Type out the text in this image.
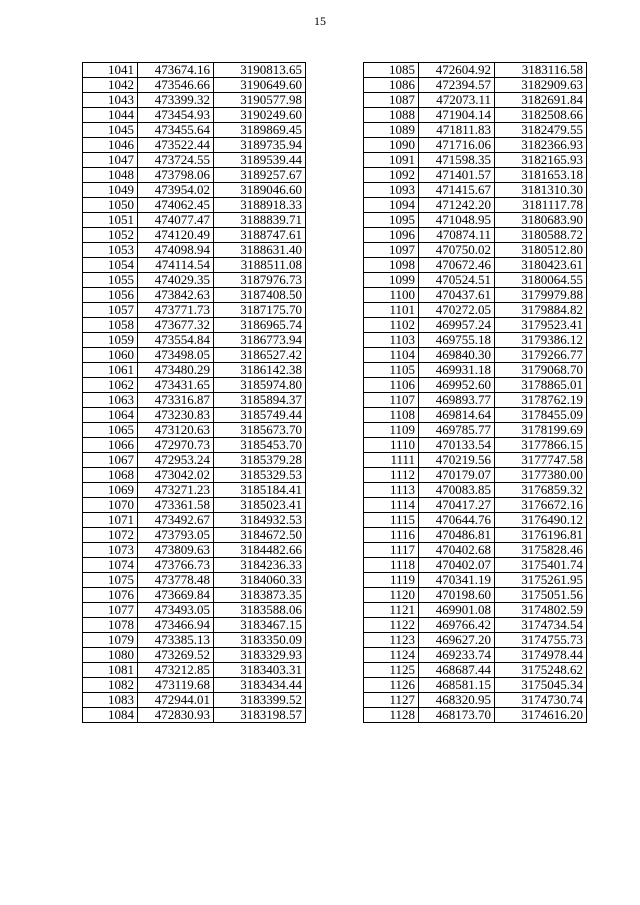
15
1041	473674.16	3190813.65
1042	473546.66	3190649.60
1043	473399.32	3190577.98
1044	473454.93	3190249.60
1045	473455.64	3189869.45
1046	473522.44	3189735.94
1047	473724.55	3189539.44
1048	473798.06	3189257.67
1049	473954.02	3189046.60
1050	474062.45	3188918.33
1051	474077.47	3188839.71
1052	474120.49	3188747.61
1053	474098.94	3188631.40
1054	474114.54	3188511.08
1055	474029.35	3187976.73
1056	473842.63	3187408.50
1057	473771.73	3187175.70
1058	473677.32	3186965.74
1059	473554.84	3186773.94
1060	473498.05	3186527.42
1061	473480.29	3186142.38
1062	473431.65	3185974.80
1063	473316.87	3185894.37
1064	473230.83	3185749.44
1065	473120.63	3185673.70
1066	472970.73	3185453.70
1067	472953.24	3185379.28
1068	473042.02	3185329.53
1069	473271.23	3185184.41
1070	473361.58	3185023.41
1071	473492.67	3184932.53
1072	473793.05	3184672.50
1073	473809.63	3184482.66
1074	473766.73	3184236.33
1075	473778.48	3184060.33
1076	473669.84	3183873.35
1077	473493.05	3183588.06
1078	473466.94	3183467.15
1079	473385.13	3183350.09
1080	473269.52	3183329.93
1081	473212.85	3183403.31
1082	473119.68	3183434.44
1083	472944.01	3183399.52
1084	472830.93	3183198.57
1085	472604.92	3183116.58
1086	472394.57	3182909.63
1087	472073.11	3182691.84
1088	471904.14	3182508.66
1089	471811.83	3182479.55
1090	471716.06	3182366.93
1091	471598.35	3182165.93
1092	471401.57	3181653.18
1093	471415.67	3181310.30
1094	471242.20	3181117.78
1095	471048.95	3180683.90
1096	470874.11	3180588.72
1097	470750.02	3180512.80
1098	470672.46	3180423.61
1099	470524.51	3180064.55
1100	470437.61	3179979.88
1101	470272.05	3179884.82
1102	469957.24	3179523.41
1103	469755.18	3179386.12
1104	469840.30	3179266.77
1105	469931.18	3179068.70
1106	469952.60	3178865.01
1107	469893.77	3178762.19
1108	469814.64	3178455.09
1109	469785.77	3178199.69
1110	470133.54	3177866.15
1111	470219.56	3177747.58
1112	470179.07	3177380.00
1113	470083.85	3176859.32
1114	470417.27	3176672.16
1115	470644.76	3176490.12
1116	470486.81	3176196.81
1117	470402.68	3175828.46
1118	470402.07	3175401.74
1119	470341.19	3175261.95
1120	470198.60	3175051.56
1121	469901.08	3174802.59
1122	469766.42	3174734.54
1123	469627.20	3174755.73
1124	469233.74	3174978.44
1125	468687.44	3175248.62
1126	468581.15	3175045.34
1127	468320.95	3174730.74
1128	468173.70	3174616.20
